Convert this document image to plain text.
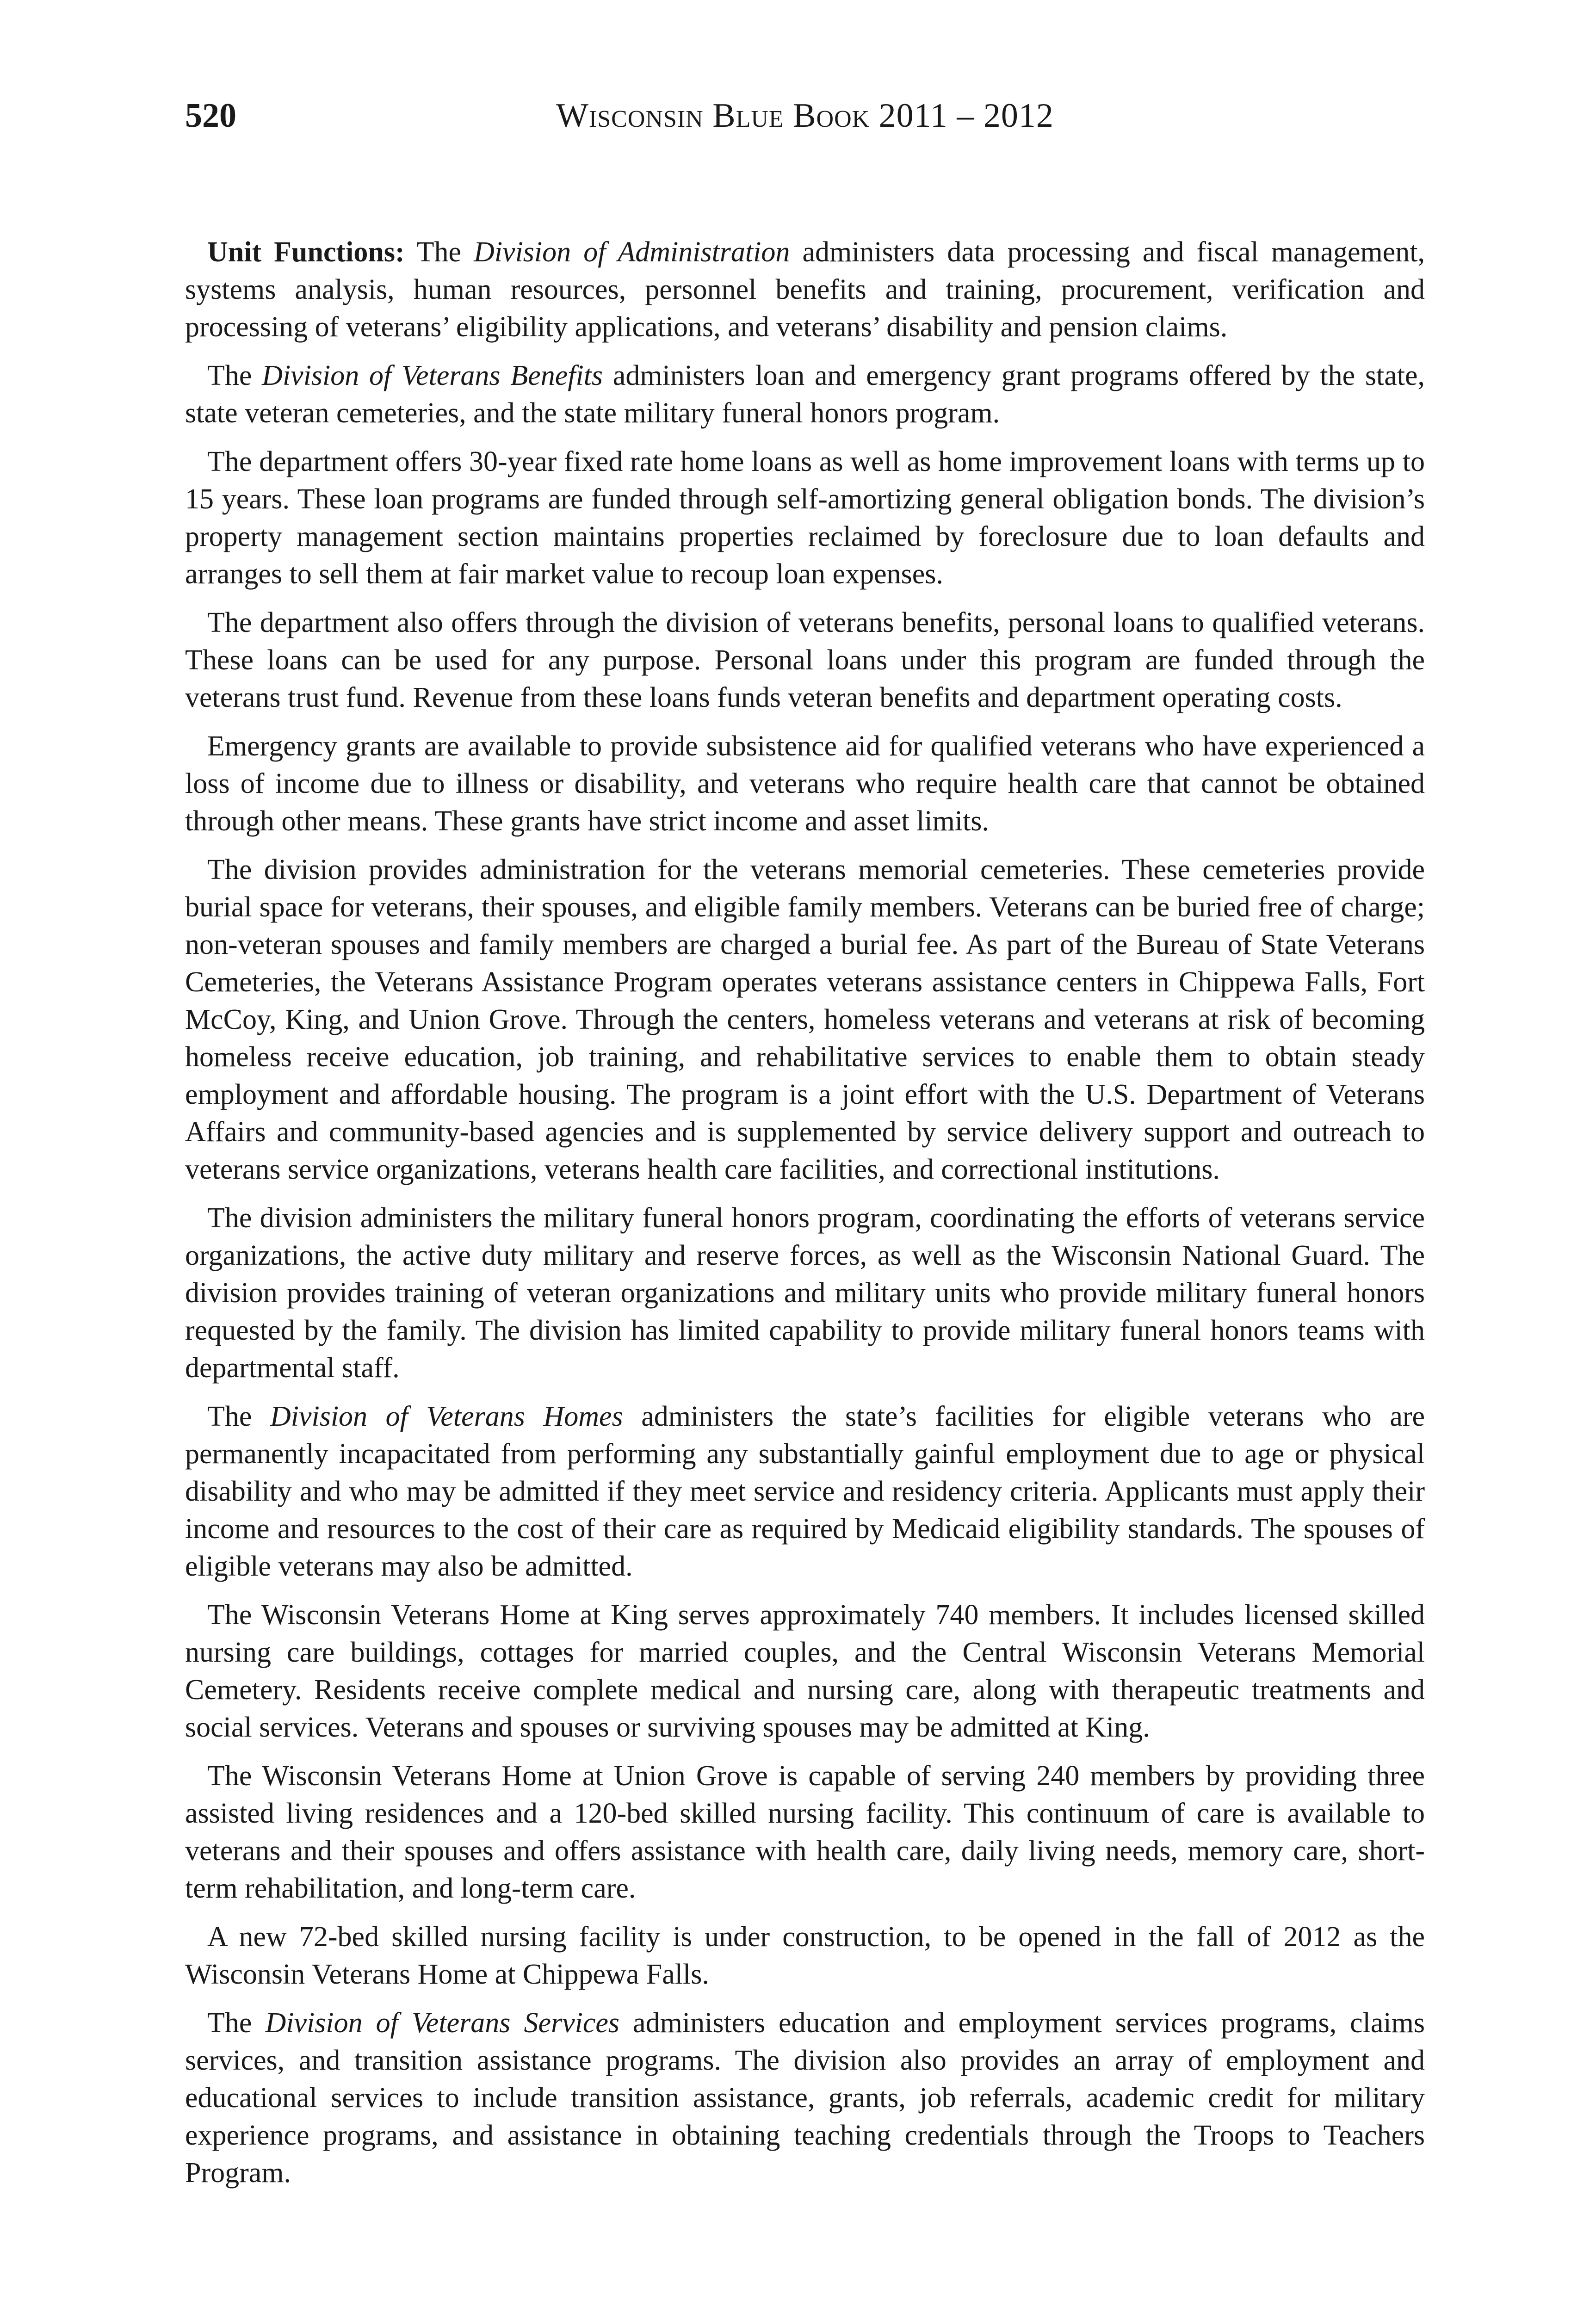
520	Wisconsin Blue Book 2011 – 2012

Unit Functions: The Division of Administration administers data processing and fiscal management, systems analysis, human resources, personnel benefits and training, procurement, verification and processing of veterans’ eligibility applications, and veterans’ disability and pension claims.

The Division of Veterans Benefits administers loan and emergency grant programs offered by the state, state veteran cemeteries, and the state military funeral honors program.

The department offers 30-year fixed rate home loans as well as home improvement loans with terms up to 15 years. These loan programs are funded through self-amortizing general obligation bonds. The division’s property management section maintains properties reclaimed by foreclosure due to loan defaults and arranges to sell them at fair market value to recoup loan expenses.

The department also offers through the division of veterans benefits, personal loans to qualified veterans. These loans can be used for any purpose. Personal loans under this program are funded through the veterans trust fund. Revenue from these loans funds veteran benefits and department operating costs.

Emergency grants are available to provide subsistence aid for qualified veterans who have experienced a loss of income due to illness or disability, and veterans who require health care that cannot be obtained through other means. These grants have strict income and asset limits.

The division provides administration for the veterans memorial cemeteries. These cemeteries provide burial space for veterans, their spouses, and eligible family members. Veterans can be buried free of charge; non-veteran spouses and family members are charged a burial fee. As part of the Bureau of State Veterans Cemeteries, the Veterans Assistance Program operates veterans assistance centers in Chippewa Falls, Fort McCoy, King, and Union Grove. Through the centers, homeless veterans and veterans at risk of becoming homeless receive education, job training, and rehabilitative services to enable them to obtain steady employment and affordable housing. The program is a joint effort with the U.S. Department of Veterans Affairs and community-based agencies and is supplemented by service delivery support and outreach to veterans service organizations, veterans health care facilities, and correctional institutions.

The division administers the military funeral honors program, coordinating the efforts of veterans service organizations, the active duty military and reserve forces, as well as the Wisconsin National Guard. The division provides training of veteran organizations and military units who provide military funeral honors requested by the family. The division has limited capability to provide military funeral honors teams with departmental staff.

The Division of Veterans Homes administers the state’s facilities for eligible veterans who are permanently incapacitated from performing any substantially gainful employment due to age or physical disability and who may be admitted if they meet service and residency criteria. Applicants must apply their income and resources to the cost of their care as required by Medicaid eligibility standards. The spouses of eligible veterans may also be admitted.

The Wisconsin Veterans Home at King serves approximately 740 members. It includes licensed skilled nursing care buildings, cottages for married couples, and the Central Wisconsin Veterans Memorial Cemetery. Residents receive complete medical and nursing care, along with therapeutic treatments and social services. Veterans and spouses or surviving spouses may be admitted at King.

The Wisconsin Veterans Home at Union Grove is capable of serving 240 members by providing three assisted living residences and a 120-bed skilled nursing facility. This continuum of care is available to veterans and their spouses and offers assistance with health care, daily living needs, memory care, short-term rehabilitation, and long-term care.

A new 72-bed skilled nursing facility is under construction, to be opened in the fall of 2012 as the Wisconsin Veterans Home at Chippewa Falls.

The Division of Veterans Services administers education and employment services programs, claims services, and transition assistance programs. The division also provides an array of employment and educational services to include transition assistance, grants, job referrals, academic credit for military experience programs, and assistance in obtaining teaching credentials through the Troops to Teachers Program.
